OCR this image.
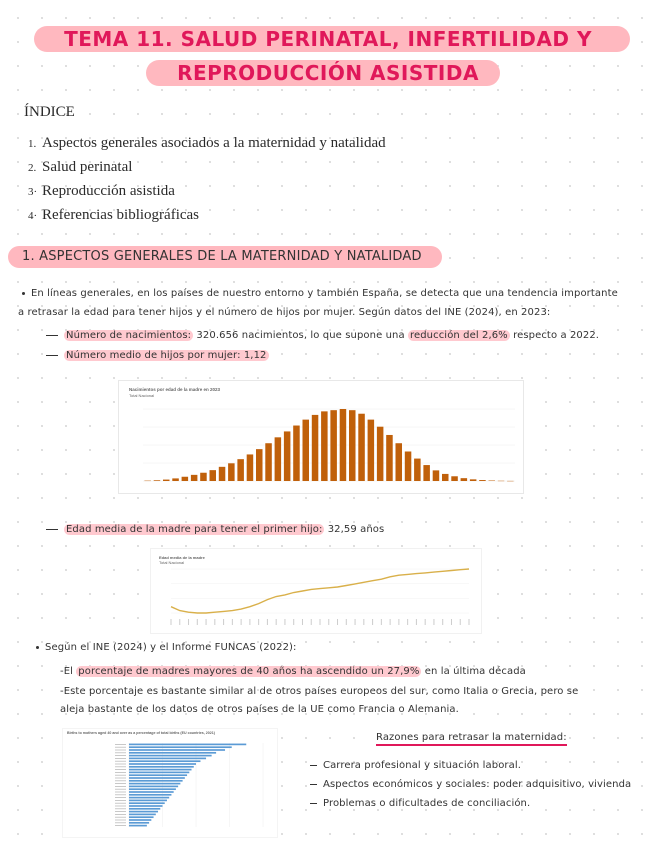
TEMA 11. SALUD PERINATAL, INFERTILIDAD Y
REPRODUCCIÓN ASISTIDA
ÍNDICE
1. Aspectos generales asociados a la maternidad y natalidad
2. Salud perinatal
3· Reproducción asistida
4· Referencias bibliográficas
1. ASPECTOS GENERALES DE LA MATERNIDAD Y NATALIDAD
En líneas generales, en los países de nuestro entorno y también España, se detecta que una tendencia importante
a retrasar la edad para tener hijos y el número de hijos por mujer. Según datos del INE (2024), en 2023:
Número de nacimientos: 320.656 nacimientos, lo que supone una reducción del 2,6% respecto a 2022.
Número medio de hijos por mujer: 1,12
Nacimientos por edad de la madre en 2023
Total Nacional
Edad media de la madre para tener el primer hijo: 32,59 años
Edad media de la madre
Total Nacional
Según el INE (2024) y el Informe FUNCAS (2022):
-El porcentaje de madres mayores de 40 años ha ascendido un 27,9% en la última década
-Este porcentaje es bastante similar al de otros países europeos del sur, como Italia o Grecia, pero se
aleja bastante de los datos de otros países de la UE como Francia o Alemania.
Births to mothers aged 40 and over as a percentage of total births (EU countries, 2021)	Razones para retrasar la maternidad:
Carrera profesional y situación laboral.
Aspectos económicos y sociales: poder adquisitivo, vivienda
Problemas o dificultades de conciliación.
